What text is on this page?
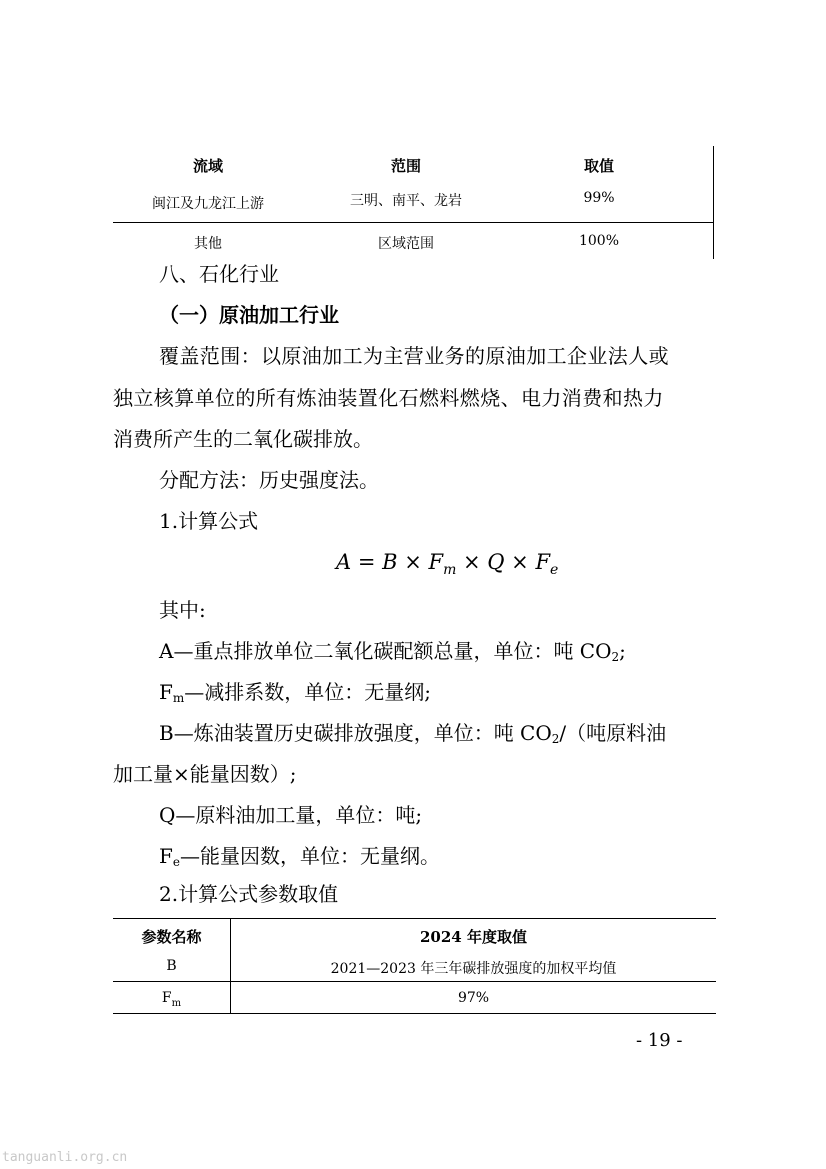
流域	范围	取值
闽江及九龙江上游	三明、南平、龙岩	99%
其他	区域范围	100%
八、石化行业
（一）原油加工行业
覆盖范围：以原油加工为主营业务的原油加工企业法人或
独立核算单位的所有炼油装置化石燃料燃烧、电力消费和热力
消费所产生的二氧化碳排放。
分配方法：历史强度法。
1.计算公式
$A = B \times F_m \times Q \times F_e$
其中:
A—重点排放单位二氧化碳配额总量，单位：吨 $CO_2$;
$F_m—$减排系数，单位：无量纲;
B—炼油装置历史碳排放强度，单位：吨 $CO_2/$（吨原料油
加工量×能量因数）;
Q—原料油加工量，单位：吨;
$F_e—$能量因数，单位：无量纲。
2.计算公式参数取值
参数名称	2024 年度取值
B	2021—2023 年三年碳排放强度的加权平均值
$F_m$	97%
- 19 -
tanguanli.org.cn
